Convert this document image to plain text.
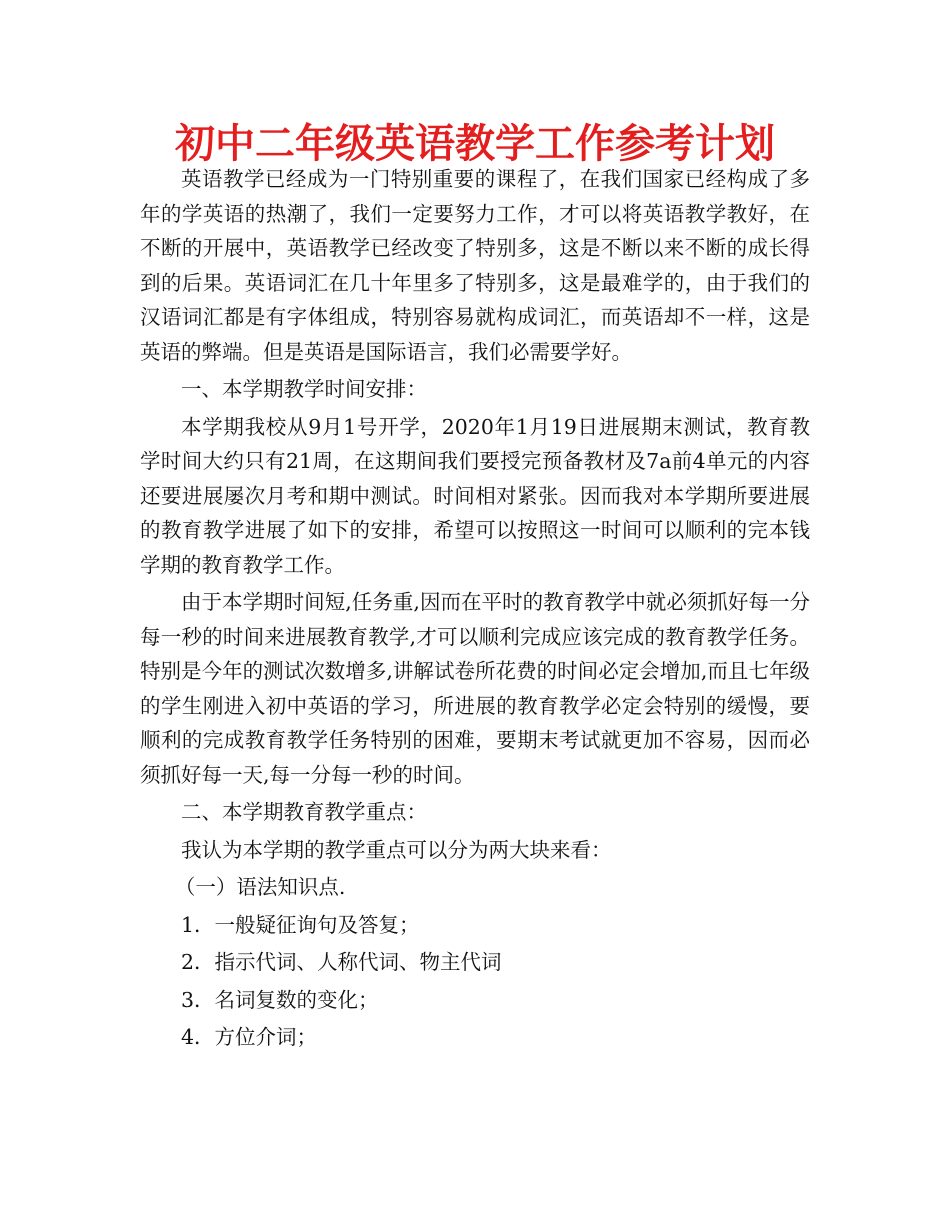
初中二年级英语教学工作参考计划

英语教学已经成为一门特别重要的课程了，在我们国家已经构成了多年的学英语的热潮了，我们一定要努力工作，才可以将英语教学教好，在不断的开展中，英语教学已经改变了特别多，这是不断以来不断的成长得到的后果。英语词汇在几十年里多了特别多，这是最难学的，由于我们的汉语词汇都是有字体组成，特别容易就构成词汇，而英语却不一样，这是英语的弊端。但是英语是国际语言，我们必需要学好。

一、本学期教学时间安排：

本学期我校从9月1号开学，2020年1月19日进展期末测试，教育教学时间大约只有21周，在这期间我们要授完预备教材及7a前4单元的内容还要进展屡次月考和期中测试。时间相对紧张。因而我对本学期所要进展的教育教学进展了如下的安排，希望可以按照这一时间可以顺利的完本钱学期的教育教学工作。

由于本学期时间短,任务重,因而在平时的教育教学中就必须抓好每一分每一秒的时间来进展教育教学,才可以顺利完成应该完成的教育教学任务。特别是今年的测试次数增多,讲解试卷所花费的时间必定会增加,而且七年级的学生刚进入初中英语的学习，所进展的教育教学必定会特别的缓慢，要顺利的完成教育教学任务特别的困难，要期末考试就更加不容易，因而必须抓好每一天,每一分每一秒的时间。

二、本学期教育教学重点：

我认为本学期的教学重点可以分为两大块来看：

（一）语法知识点.

1．一般疑征询句及答复；

2．指示代词、人称代词、物主代词

3．名词复数的变化；

4．方位介词；
